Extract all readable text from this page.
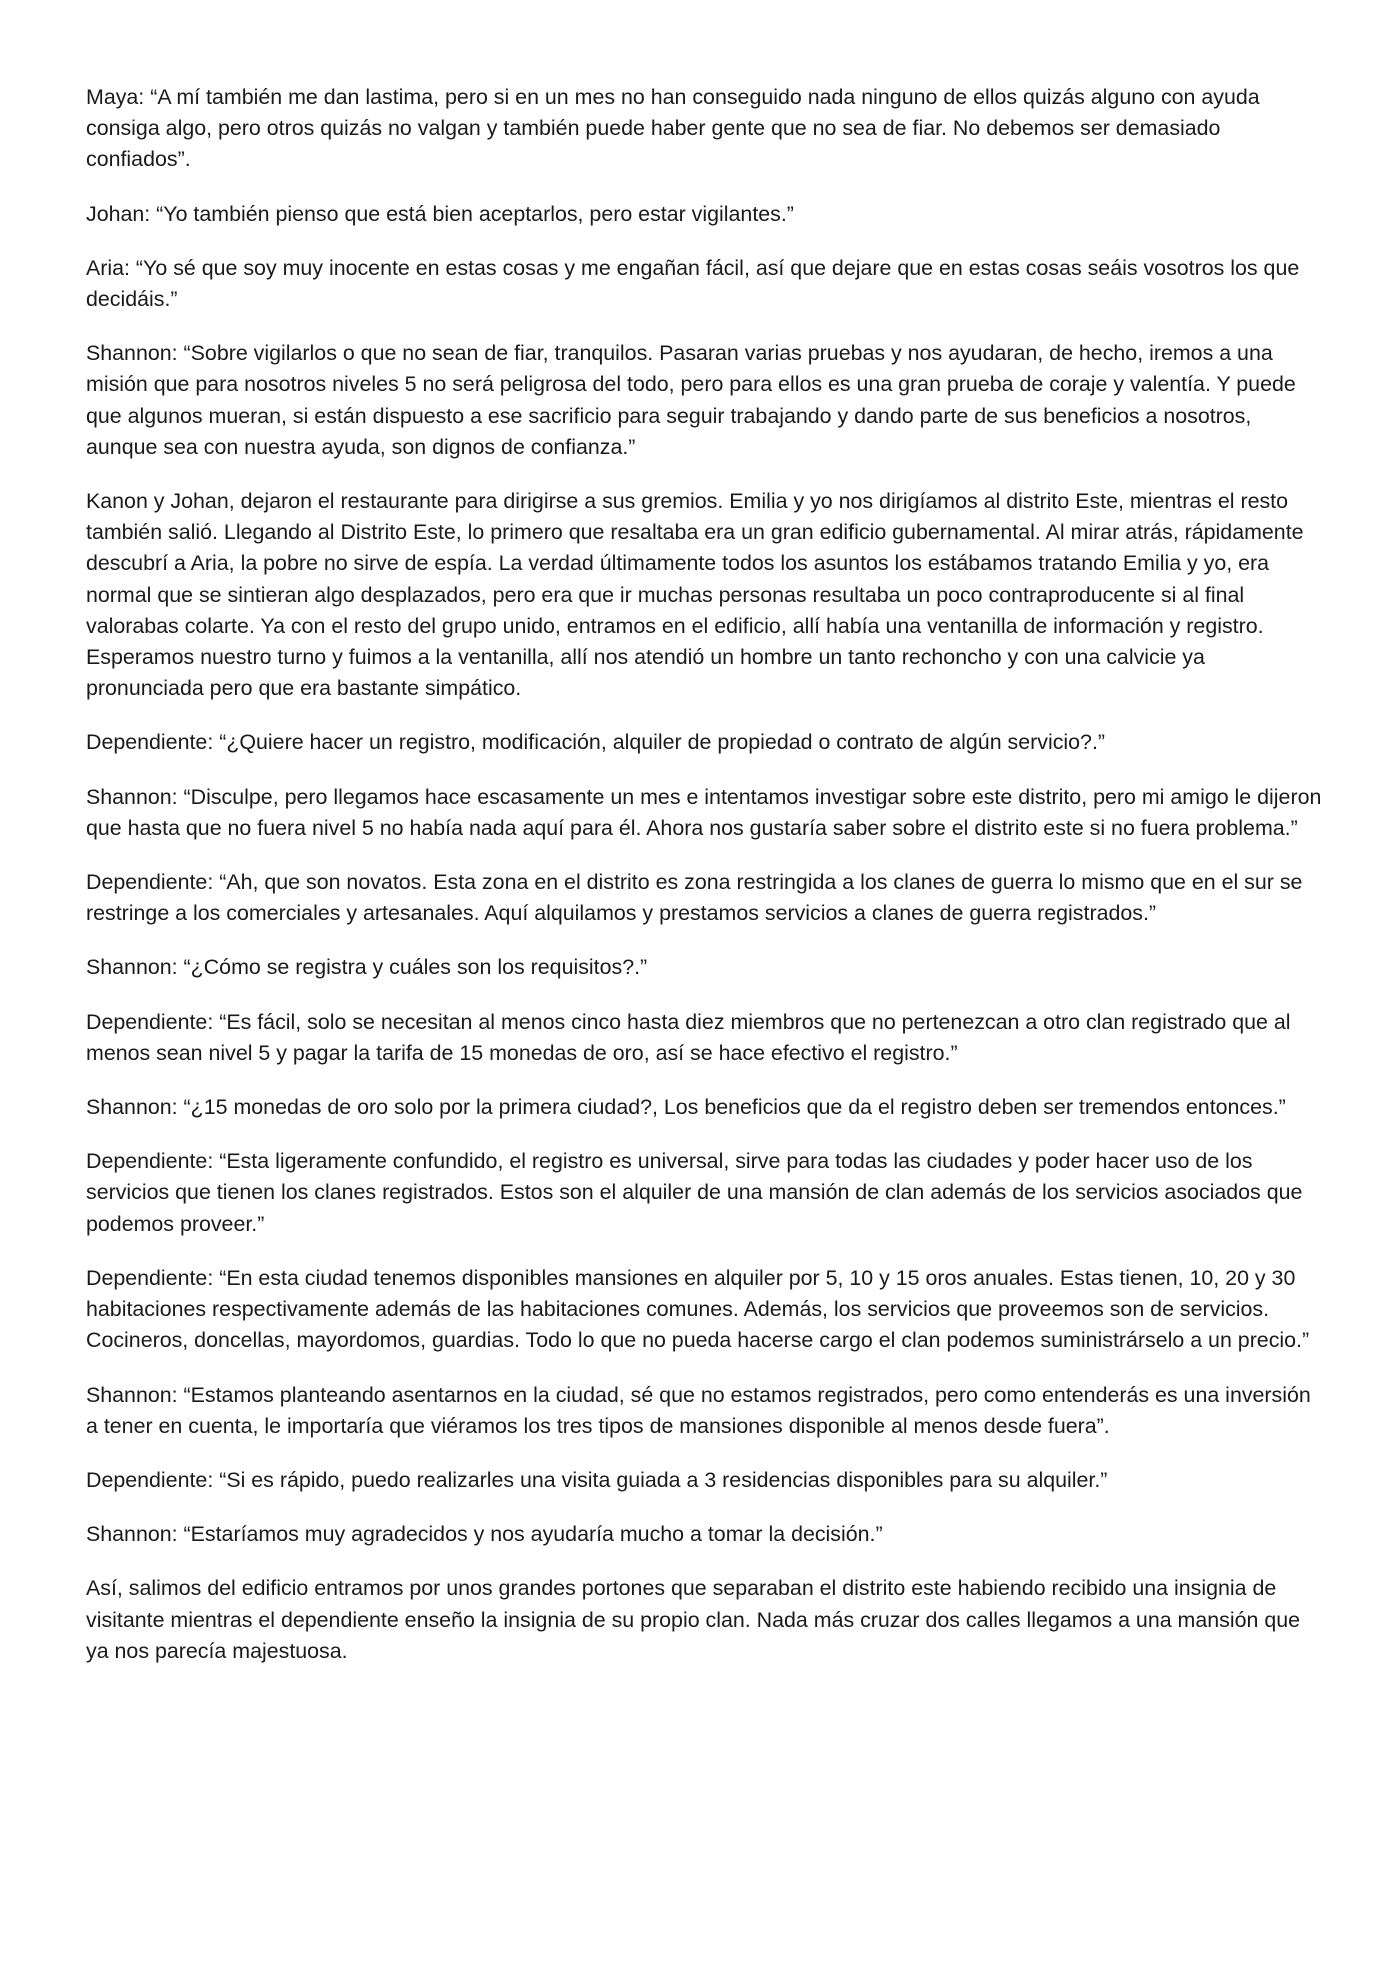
Maya: “A mí también me dan lastima, pero si en un mes no han conseguido nada ninguno de ellos quizás alguno con ayuda consiga algo, pero otros quizás no valgan y también puede haber gente que no sea de fiar. No debemos ser demasiado confiados”.

Johan: “Yo también pienso que está bien aceptarlos, pero estar vigilantes.”

Aria: “Yo sé que soy muy inocente en estas cosas y me engañan fácil, así que dejare que en estas cosas seáis vosotros los que decidáis.”

Shannon: “Sobre vigilarlos o que no sean de fiar, tranquilos. Pasaran varias pruebas y nos ayudaran, de hecho, iremos a una misión que para nosotros niveles 5 no será peligrosa del todo, pero para ellos es una gran prueba de coraje y valentía. Y puede que algunos mueran, si están dispuesto a ese sacrificio para seguir trabajando y dando parte de sus beneficios a nosotros, aunque sea con nuestra ayuda, son dignos de confianza.”

Kanon y Johan, dejaron el restaurante para dirigirse a sus gremios. Emilia y yo nos dirigíamos al distrito Este, mientras el resto también salió. Llegando al Distrito Este, lo primero que resaltaba era un gran edificio gubernamental. Al mirar atrás, rápidamente descubrí a Aria, la pobre no sirve de espía. La verdad últimamente todos los asuntos los estábamos tratando Emilia y yo, era normal que se sintieran algo desplazados, pero era que ir muchas personas resultaba un poco contraproducente si al final valorabas colarte. Ya con el resto del grupo unido, entramos en el edificio, allí había una ventanilla de información y registro. Esperamos nuestro turno y fuimos a la ventanilla, allí nos atendió un hombre un tanto rechoncho y con una calvicie ya pronunciada pero que era bastante simpático.

Dependiente: “¿Quiere hacer un registro, modificación, alquiler de propiedad o contrato de algún servicio?.”

Shannon: “Disculpe, pero llegamos hace escasamente un mes e intentamos investigar sobre este distrito, pero mi amigo le dijeron que hasta que no fuera nivel 5 no había nada aquí para él. Ahora nos gustaría saber sobre el distrito este si no fuera problema.”

Dependiente: “Ah, que son novatos. Esta zona en el distrito es zona restringida a los clanes de guerra lo mismo que en el sur se restringe a los comerciales y artesanales. Aquí alquilamos y prestamos servicios a clanes de guerra registrados.”

Shannon: “¿Cómo se registra y cuáles son los requisitos?.”

Dependiente: “Es fácil, solo se necesitan al menos cinco hasta diez miembros que no pertenezcan a otro clan registrado que al menos sean nivel 5 y pagar la tarifa de 15 monedas de oro, así se hace efectivo el registro.”

Shannon: “¿15 monedas de oro solo por la primera ciudad?, Los beneficios que da el registro deben ser tremendos entonces.”

Dependiente: “Esta ligeramente confundido, el registro es universal, sirve para todas las ciudades y poder hacer uso de los servicios que tienen los clanes registrados. Estos son el alquiler de una mansión de clan además de los servicios asociados que podemos proveer.”

Dependiente: “En esta ciudad tenemos disponibles mansiones en alquiler por 5, 10 y 15 oros anuales. Estas tienen, 10, 20 y 30 habitaciones respectivamente además de las habitaciones comunes. Además, los servicios que proveemos son de servicios. Cocineros, doncellas, mayordomos, guardias. Todo lo que no pueda hacerse cargo el clan podemos suministrárselo a un precio.”

Shannon: “Estamos planteando asentarnos en la ciudad, sé que no estamos registrados, pero como entenderás es una inversión a tener en cuenta, le importaría que viéramos los tres tipos de mansiones disponible al menos desde fuera”.

Dependiente: “Si es rápido, puedo realizarles una visita guiada a 3 residencias disponibles para su alquiler.”

Shannon: “Estaríamos muy agradecidos y nos ayudaría mucho a tomar la decisión.”

Así, salimos del edificio entramos por unos grandes portones que separaban el distrito este habiendo recibido una insignia de visitante mientras el dependiente enseño la insignia de su propio clan. Nada más cruzar dos calles llegamos a una mansión que ya nos parecía majestuosa.
